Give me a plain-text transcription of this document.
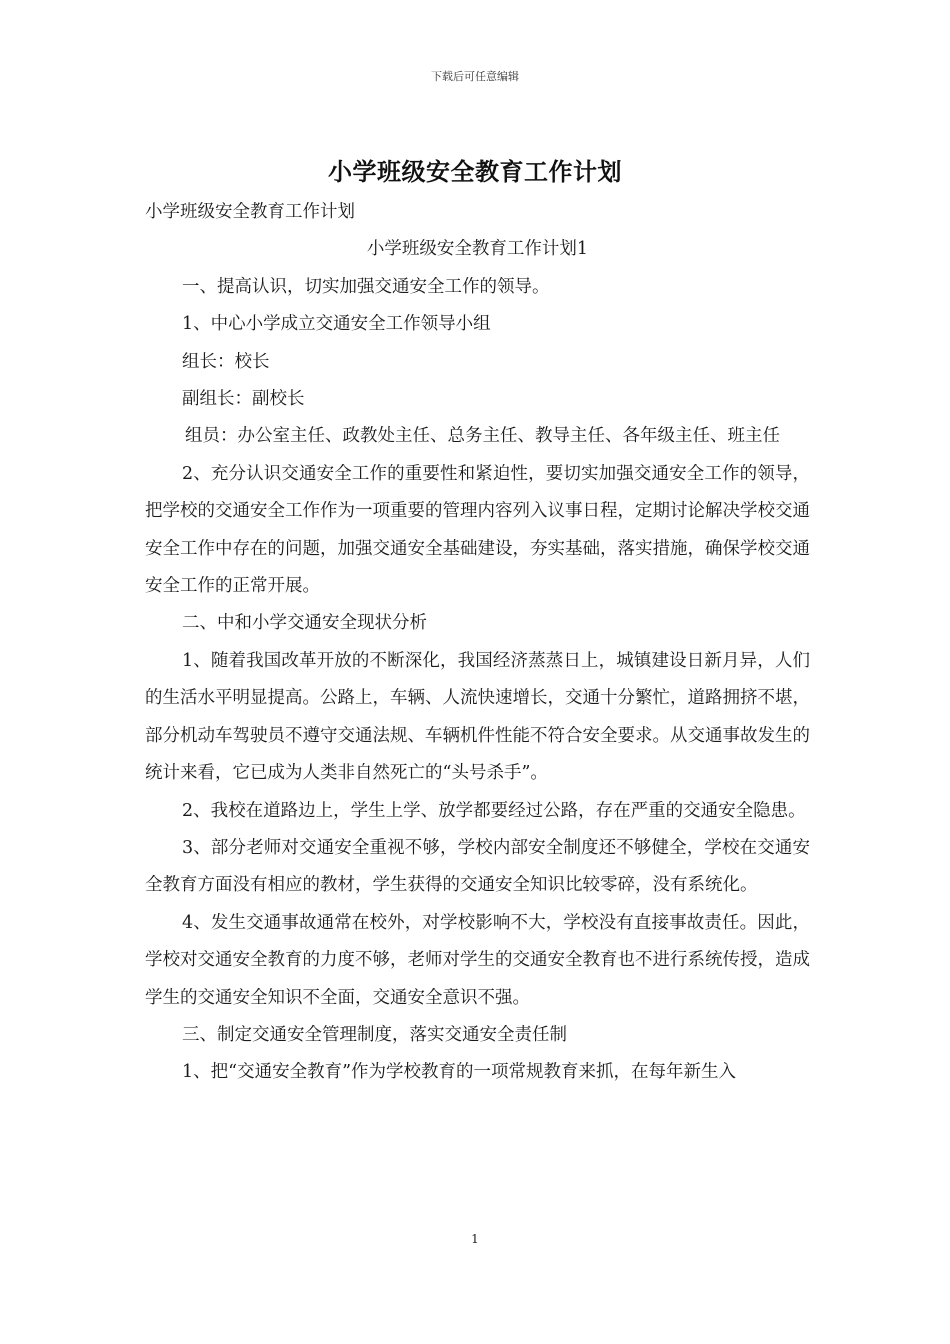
下载后可任意编辑
小学班级安全教育工作计划

小学班级安全教育工作计划

小学班级安全教育工作计划1

一、提高认识，切实加强交通安全工作的领导。

1、中心小学成立交通安全工作领导小组

组长：校长

副组长：副校长

组员：办公室主任、政教处主任、总务主任、教导主任、各年级主任、班主任

2、充分认识交通安全工作的重要性和紧迫性，要切实加强交通安全工作的领导，把学校的交通安全工作作为一项重要的管理内容列入议事日程，定期讨论解决学校交通安全工作中存在的问题，加强交通安全基础建设，夯实基础，落实措施，确保学校交通安全工作的正常开展。

二、中和小学交通安全现状分析

1、随着我国改革开放的不断深化，我国经济蒸蒸日上，城镇建设日新月异，人们的生活水平明显提高。公路上，车辆、人流快速增长，交通十分繁忙，道路拥挤不堪，部分机动车驾驶员不遵守交通法规、车辆机件性能不符合安全要求。从交通事故发生的统计来看，它已成为人类非自然死亡的“头号杀手”。

2、我校在道路边上，学生上学、放学都要经过公路，存在严重的交通安全隐患。

3、部分老师对交通安全重视不够，学校内部安全制度还不够健全，学校在交通安全教育方面没有相应的教材，学生获得的交通安全知识比较零碎，没有系统化。

4、发生交通事故通常在校外，对学校影响不大，学校没有直接事故责任。因此，学校对交通安全教育的力度不够，老师对学生的交通安全教育也不进行系统传授，造成学生的交通安全知识不全面，交通安全意识不强。

三、制定交通安全管理制度，落实交通安全责任制

1、把“交通安全教育”作为学校教育的一项常规教育来抓，在每年新生入

1
